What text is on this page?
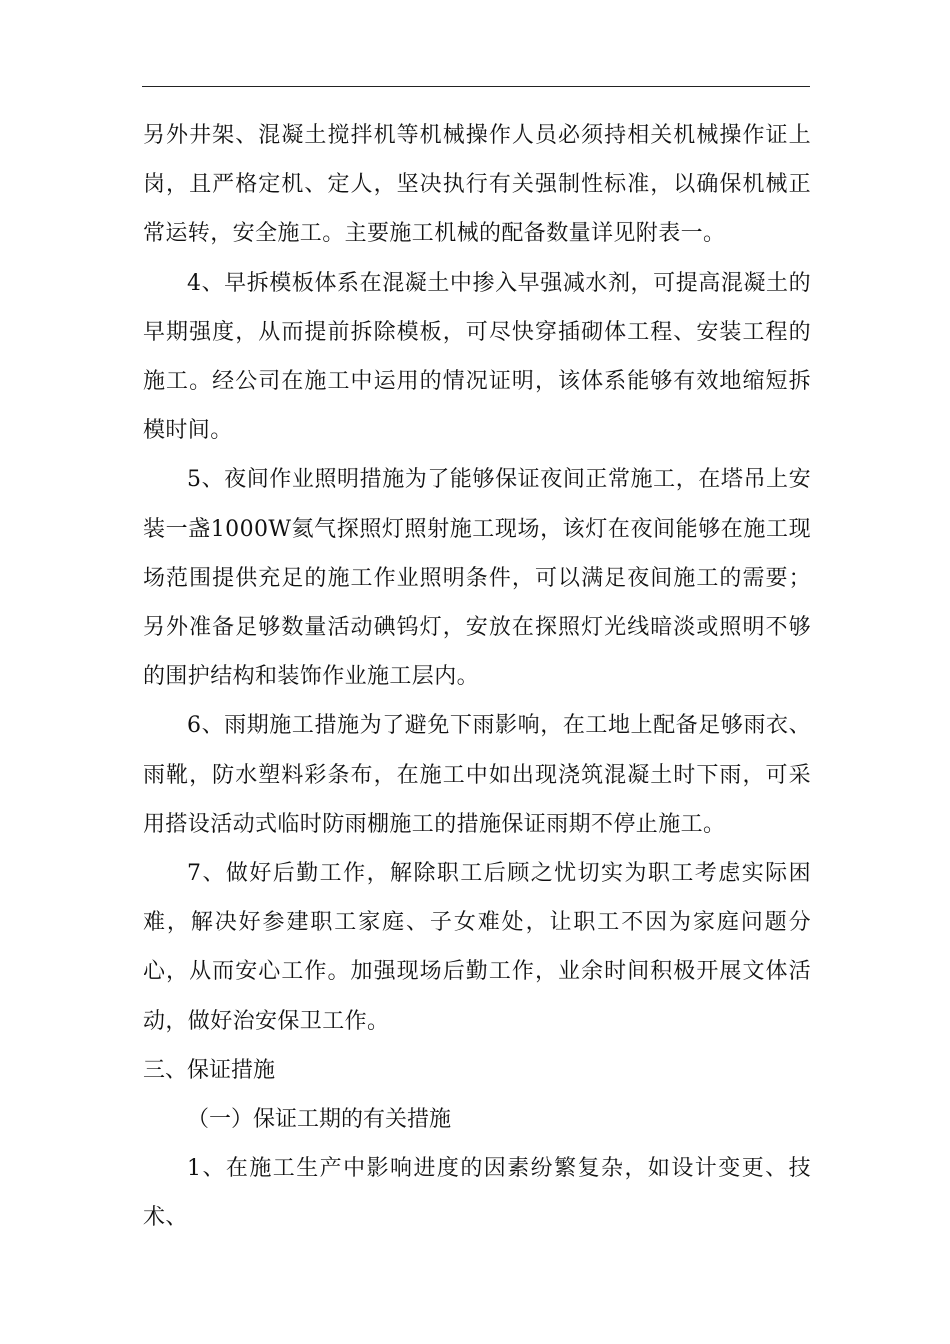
另外井架、混凝土搅拌机等机械操作人员必须持相关机械操作证上岗，且严格定机、定人，坚决执行有关强制性标准，以确保机械正常运转，安全施工。主要施工机械的配备数量详见附表一。

4、早拆模板体系在混凝土中掺入早强减水剂，可提高混凝土的早期强度，从而提前拆除模板，可尽快穿插砌体工程、安装工程的施工。经公司在施工中运用的情况证明，该体系能够有效地缩短拆模时间。

5、夜间作业照明措施为了能够保证夜间正常施工，在塔吊上安装一盏1000W氦气探照灯照射施工现场，该灯在夜间能够在施工现场范围提供充足的施工作业照明条件，可以满足夜间施工的需要；另外准备足够数量活动碘钨灯，安放在探照灯光线暗淡或照明不够的围护结构和装饰作业施工层内。

6、雨期施工措施为了避免下雨影响，在工地上配备足够雨衣、雨靴，防水塑料彩条布，在施工中如出现浇筑混凝土时下雨，可采用搭设活动式临时防雨棚施工的措施保证雨期不停止施工。

7、做好后勤工作，解除职工后顾之忧切实为职工考虑实际困难，解决好参建职工家庭、子女难处，让职工不因为家庭问题分心，从而安心工作。加强现场后勤工作，业余时间积极开展文体活动，做好治安保卫工作。

三、保证措施

（一）保证工期的有关措施

1、在施工生产中影响进度的因素纷繁复杂，如设计变更、技术、
